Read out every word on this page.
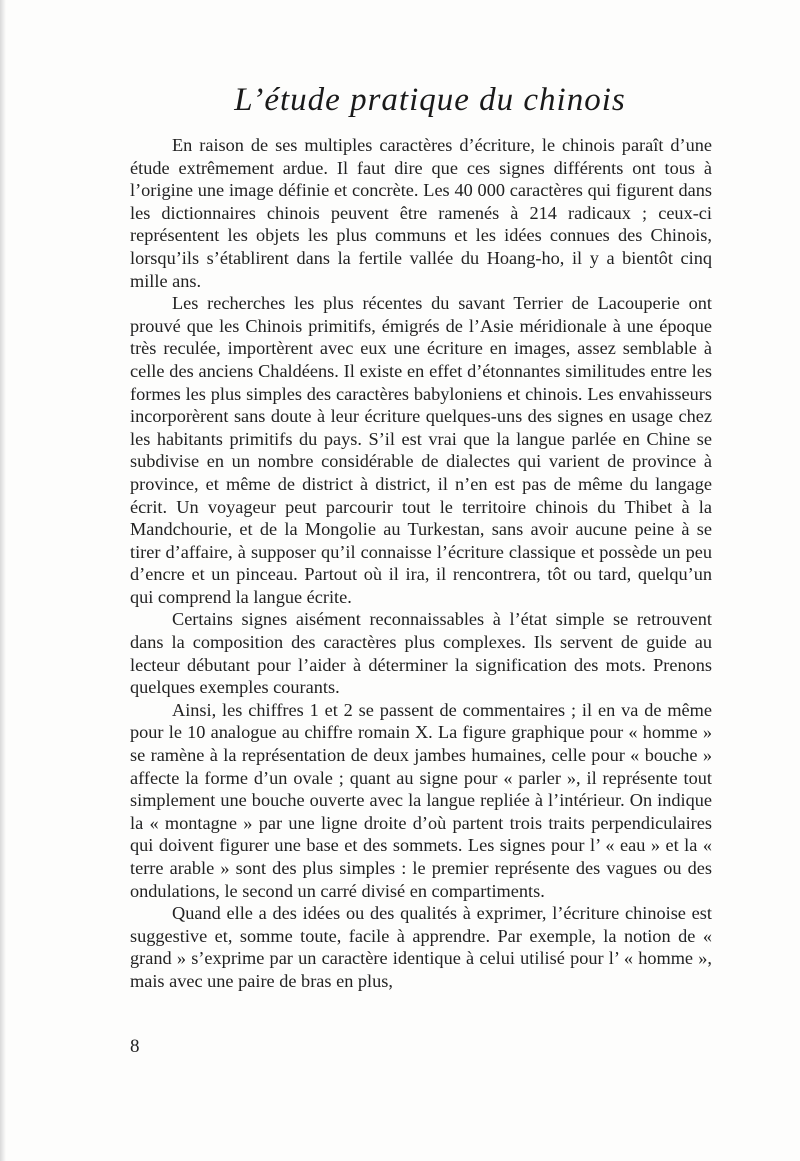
L’étude pratique du chinois

En raison de ses multiples caractères d’écriture, le chinois paraît d’une étude extrêmement ardue. Il faut dire que ces signes différents ont tous à l’origine une image définie et concrète. Les 40 000 caractères qui figurent dans les dictionnaires chinois peuvent être ramenés à 214 radicaux ; ceux-ci représentent les objets les plus communs et les idées connues des Chinois, lorsqu’ils s’établirent dans la fertile vallée du Hoang-ho, il y a bientôt cinq mille ans.

Les recherches les plus récentes du savant Terrier de Lacouperie ont prouvé que les Chinois primitifs, émigrés de l’Asie méridionale à une époque très reculée, importèrent avec eux une écriture en images, assez semblable à celle des anciens Chaldéens. Il existe en effet d’étonnantes similitudes entre les formes les plus simples des caractères babyloniens et chinois. Les envahisseurs incorporèrent sans doute à leur écriture quelques-uns des signes en usage chez les habitants primitifs du pays. S’il est vrai que la langue parlée en Chine se subdivise en un nombre considérable de dialectes qui varient de province à province, et même de district à district, il n’en est pas de même du langage écrit. Un voyageur peut parcourir tout le territoire chinois du Thibet à la Mandchourie, et de la Mongolie au Turkestan, sans avoir aucune peine à se tirer d’affaire, à supposer qu’il connaisse l’écriture classique et possède un peu d’encre et un pinceau. Partout où il ira, il rencontrera, tôt ou tard, quelqu’un qui comprend la langue écrite.

Certains signes aisément reconnaissables à l’état simple se retrouvent dans la composition des caractères plus complexes. Ils servent de guide au lecteur débutant pour l’aider à déterminer la signification des mots. Prenons quelques exemples courants.

Ainsi, les chiffres 1 et 2 se passent de commentaires ; il en va de même pour le 10 analogue au chiffre romain X. La figure graphique pour « homme » se ramène à la représentation de deux jambes humaines, celle pour « bouche » affecte la forme d’un ovale ; quant au signe pour « parler », il représente tout simplement une bouche ouverte avec la langue repliée à l’intérieur. On indique la « montagne » par une ligne droite d’où partent trois traits perpendiculaires qui doivent figurer une base et des sommets. Les signes pour l’ « eau » et la « terre arable » sont des plus simples : le premier représente des vagues ou des ondulations, le second un carré divisé en compartiments.

Quand elle a des idées ou des qualités à exprimer, l’écriture chinoise est suggestive et, somme toute, facile à apprendre. Par exemple, la notion de « grand » s’exprime par un caractère identique à celui utilisé pour l’ « homme », mais avec une paire de bras en plus,

8
